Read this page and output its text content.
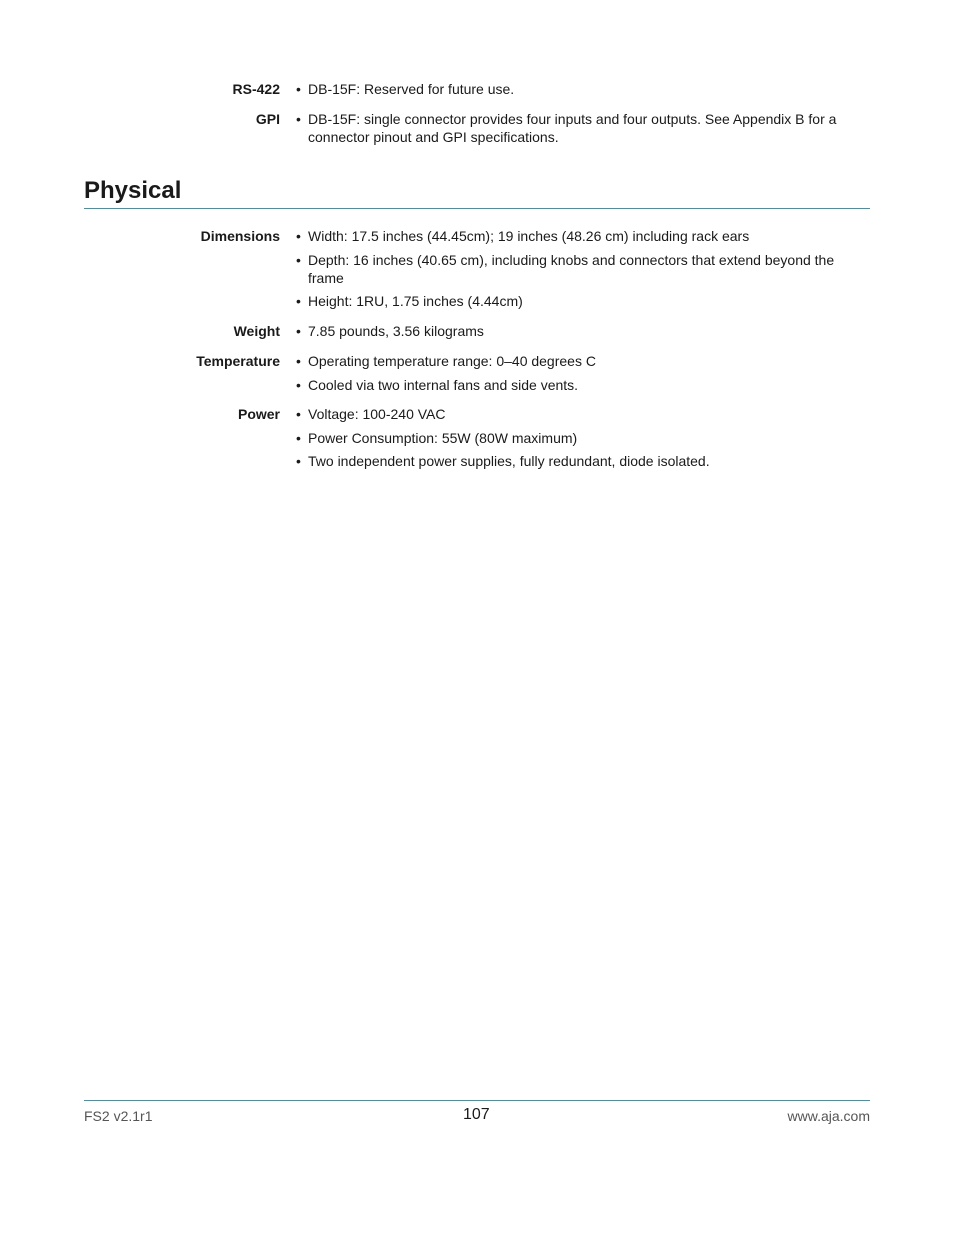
RS-422 • DB-15F: Reserved for future use.
GPI • DB-15F: single connector provides four inputs and four outputs. See Appendix B for a connector pinout and GPI specifications.
Physical
Dimensions • Width: 17.5 inches (44.45cm); 19 inches (48.26 cm) including rack ears
• Depth: 16 inches (40.65 cm), including knobs and connectors that extend beyond the frame
• Height: 1RU, 1.75 inches (4.44cm)
Weight • 7.85 pounds, 3.56 kilograms
Temperature • Operating temperature range: 0–40 degrees C
• Cooled via two internal fans and side vents.
Power • Voltage: 100-240 VAC
• Power Consumption: 55W (80W maximum)
• Two independent power supplies, fully redundant, diode isolated.
FS2 v2.1r1	107	www.aja.com
